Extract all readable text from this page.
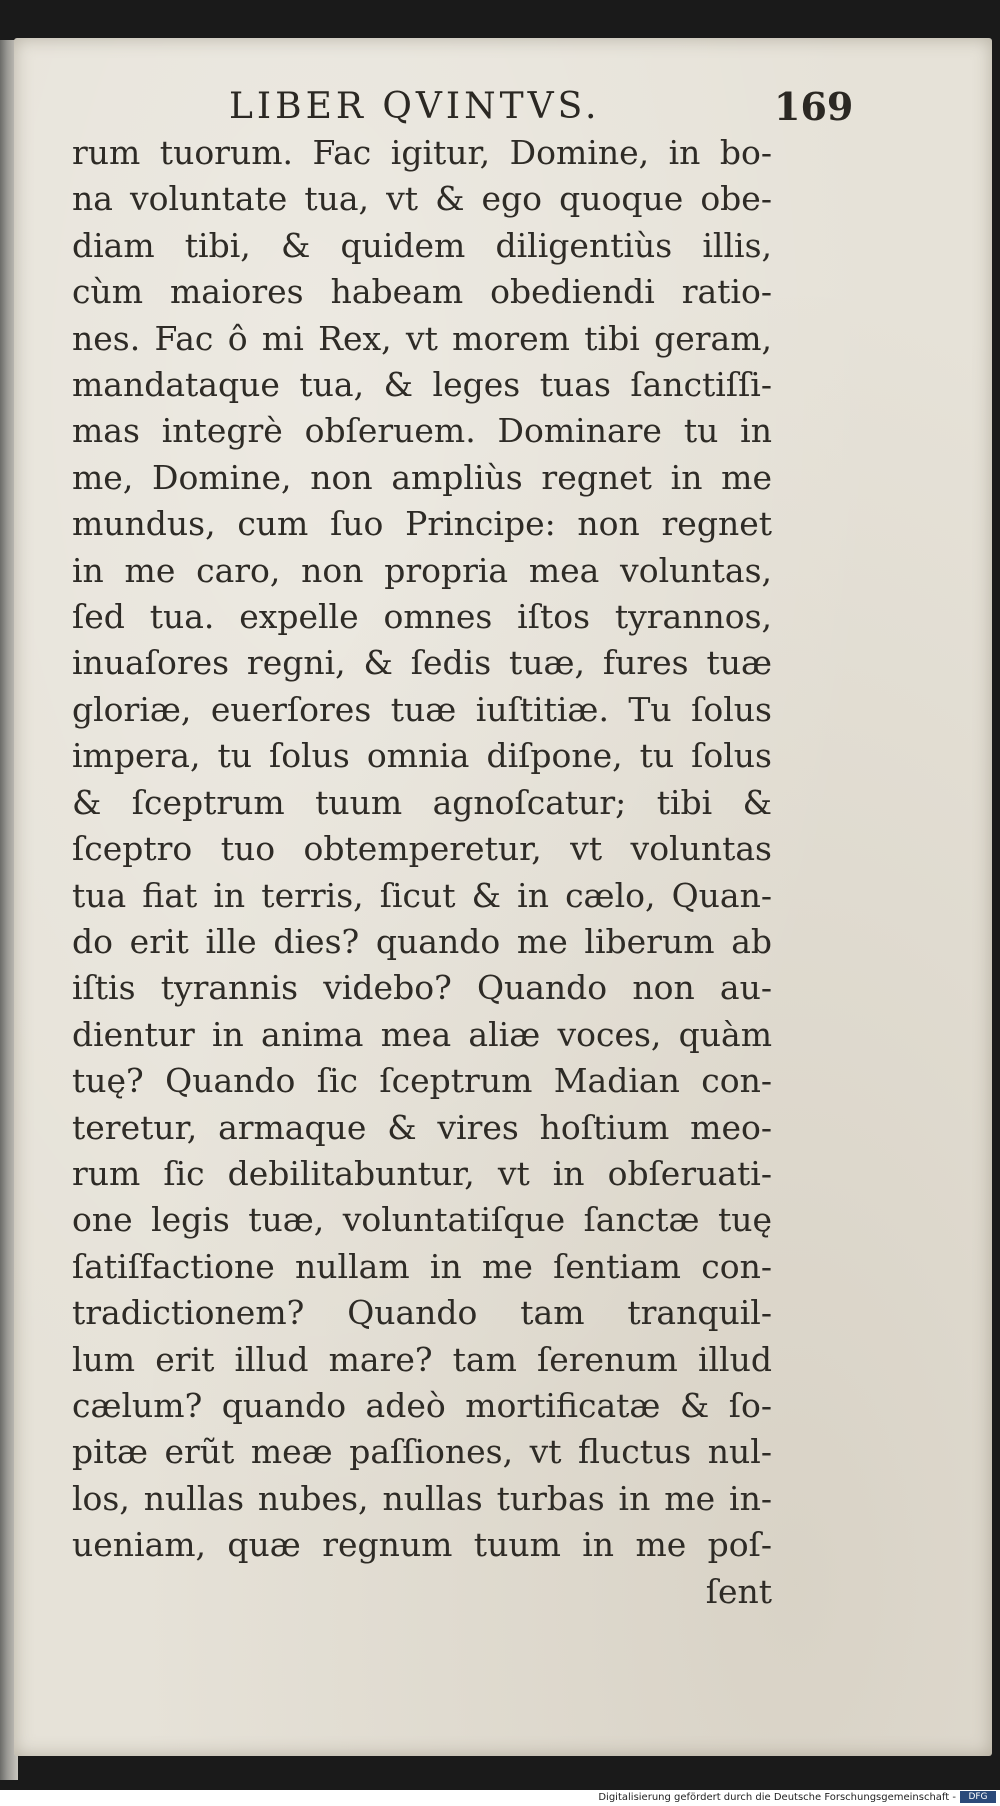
LIBER QVINTVS.	169
rum tuorum. Fac igitur, Domine, in bo-
na voluntate tua, vt & ego quoque obe-
diam tibi, & quidem diligentiùs illis,
cùm maiores habeam obediendi ratio-
nes. Fac ô mi Rex, vt morem tibi geram,
mandataque tua, & leges tuas ſanctiſſi-
mas integrè obſeruem. Dominare tu in
me, Domine, non ampliùs regnet in me
mundus, cum ſuo Principe: non regnet
in me caro, non propria mea voluntas,
ſed tua. expelle omnes iſtos tyrannos,
inuaſores regni, & ſedis tuæ, fures tuæ
gloriæ, euerſores tuæ iuſtitiæ. Tu ſolus
impera, tu ſolus omnia diſpone, tu ſolus
& ſceptrum tuum agnoſcatur; tibi &
ſceptro tuo obtemperetur, vt voluntas
tua fiat in terris, ſicut & in cælo, Quan-
do erit ille dies? quando me liberum ab
iſtis tyrannis videbo? Quando non au-
dientur in anima mea aliæ voces, quàm
tuę? Quando ſic ſceptrum Madian con-
teretur, armaque & vires hoſtium meo-
rum ſic debilitabuntur, vt in obſeruati-
one legis tuæ, voluntatiſque ſanctæ tuę
ſatiſfactione nullam in me ſentiam con-
tradictionem? Quando tam tranquil-
lum erit illud mare? tam ſerenum illud
cælum? quando adeò mortificatæ & ſo-
pitæ erũt meæ paſſiones, vt fluctus nul-
los, nullas nubes, nullas turbas in me in-
ueniam, quæ regnum tuum in me poſ-
ſent
Digitalisierung gefördert durch die Deutsche Forschungsgemeinschaft -	DFG
